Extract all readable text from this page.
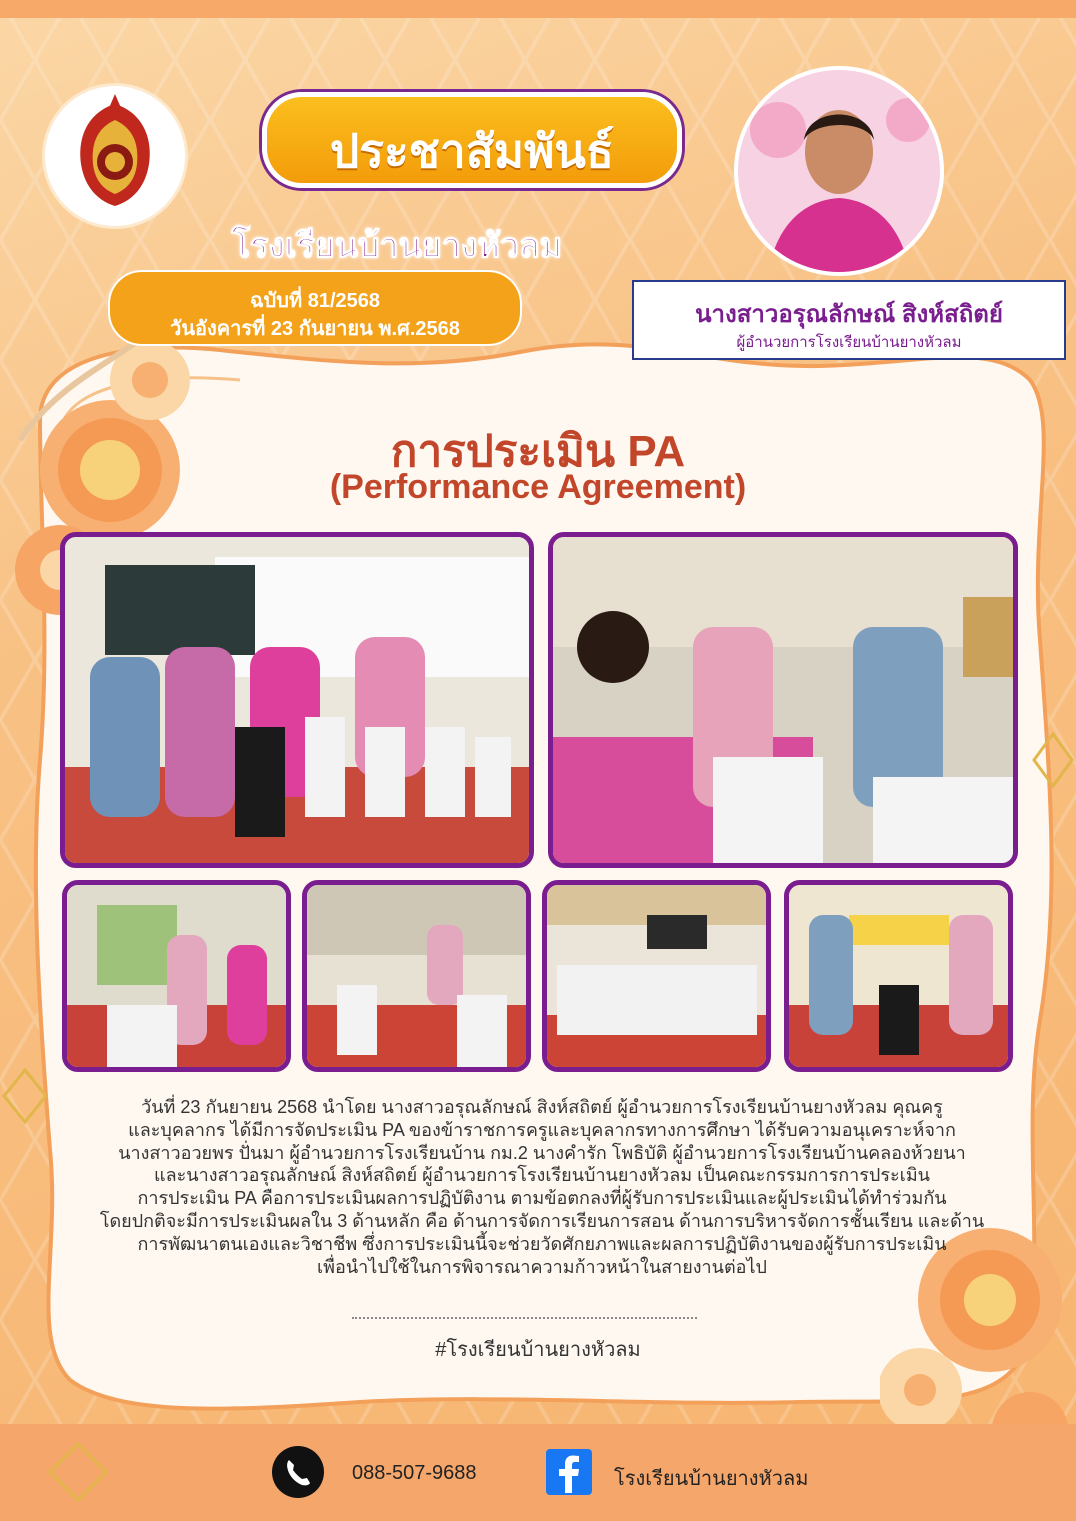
ประชาสัมพันธ์
โรงเรียนบ้านยางหัวลม
ฉบับที่ 81/2568
วันอังคารที่ 23 กันยายน พ.ศ.2568
นางสาวอรุณลักษณ์ สิงห์สถิตย์
ผู้อำนวยการโรงเรียนบ้านยางหัวลม
การประเมิน PA
(Performance Agreement)
วันที่ 23 กันยายน 2568 นำโดย นางสาวอรุณลักษณ์ สิงห์สถิตย์ ผู้อำนวยการโรงเรียนบ้านยางหัวลม คุณครู
และบุคลากร ได้มีการจัดประเมิน PA ของข้าราชการครูและบุคลากรทางการศึกษา ได้รับความอนุเคราะห์จาก
นางสาวอวยพร ปั่นมา ผู้อำนวยการโรงเรียนบ้าน กม.2 นางคำรัก โพธิบัติ ผู้อำนวยการโรงเรียนบ้านคลองห้วยนา
และนางสาวอรุณลักษณ์ สิงห์สถิตย์ ผู้อำนวยการโรงเรียนบ้านยางหัวลม เป็นคณะกรรมการการประเมิน
การประเมิน PA คือการประเมินผลการปฏิบัติงาน ตามข้อตกลงที่ผู้รับการประเมินและผู้ประเมินได้ทำร่วมกัน
โดยปกติจะมีการประเมินผลใน 3 ด้านหลัก คือ ด้านการจัดการเรียนการสอน ด้านการบริหารจัดการชั้นเรียน และด้าน
การพัฒนาตนเองและวิชาชีพ ซึ่งการประเมินนี้จะช่วยวัดศักยภาพและผลการปฏิบัติงานของผู้รับการประเมิน
เพื่อนำไปใช้ในการพิจารณาความก้าวหน้าในสายงานต่อไป
#โรงเรียนบ้านยางหัวลม
088-507-9688	โรงเรียนบ้านยางหัวลม
